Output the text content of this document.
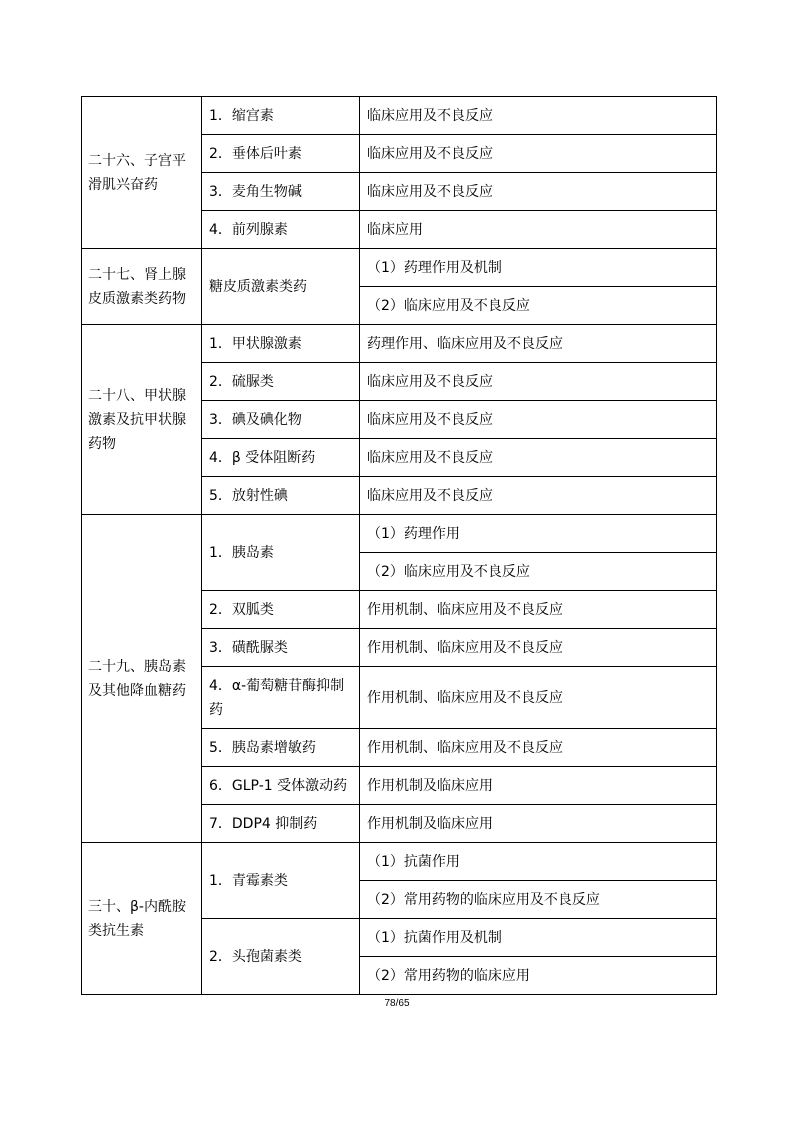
二十六、子宫平滑肌兴奋药	1．缩宫素	临床应用及不良反应
	2．垂体后叶素	临床应用及不良反应
	3．麦角生物碱	临床应用及不良反应
	4．前列腺素	临床应用
二十七、肾上腺皮质激素类药物	糖皮质激素类药	（1）药理作用及机制
		（2）临床应用及不良反应
二十八、甲状腺激素及抗甲状腺药物	1．甲状腺激素	药理作用、临床应用及不良反应
	2．硫脲类	临床应用及不良反应
	3．碘及碘化物	临床应用及不良反应
	4．β 受体阻断药	临床应用及不良反应
	5．放射性碘	临床应用及不良反应
二十九、胰岛素及其他降血糖药	1．胰岛素	（1）药理作用
		（2）临床应用及不良反应
	2．双胍类	作用机制、临床应用及不良反应
	3．磺酰脲类	作用机制、临床应用及不良反应
	4．α-葡萄糖苷酶抑制药	作用机制、临床应用及不良反应
	5．胰岛素增敏药	作用机制、临床应用及不良反应
	6．GLP-1 受体激动药	作用机制及临床应用
	7．DDP4 抑制药	作用机制及临床应用
三十、β-内酰胺类抗生素	1．青霉素类	（1）抗菌作用
		（2）常用药物的临床应用及不良反应
	2．头孢菌素类	（1）抗菌作用及机制
		（2）常用药物的临床应用
78/65
